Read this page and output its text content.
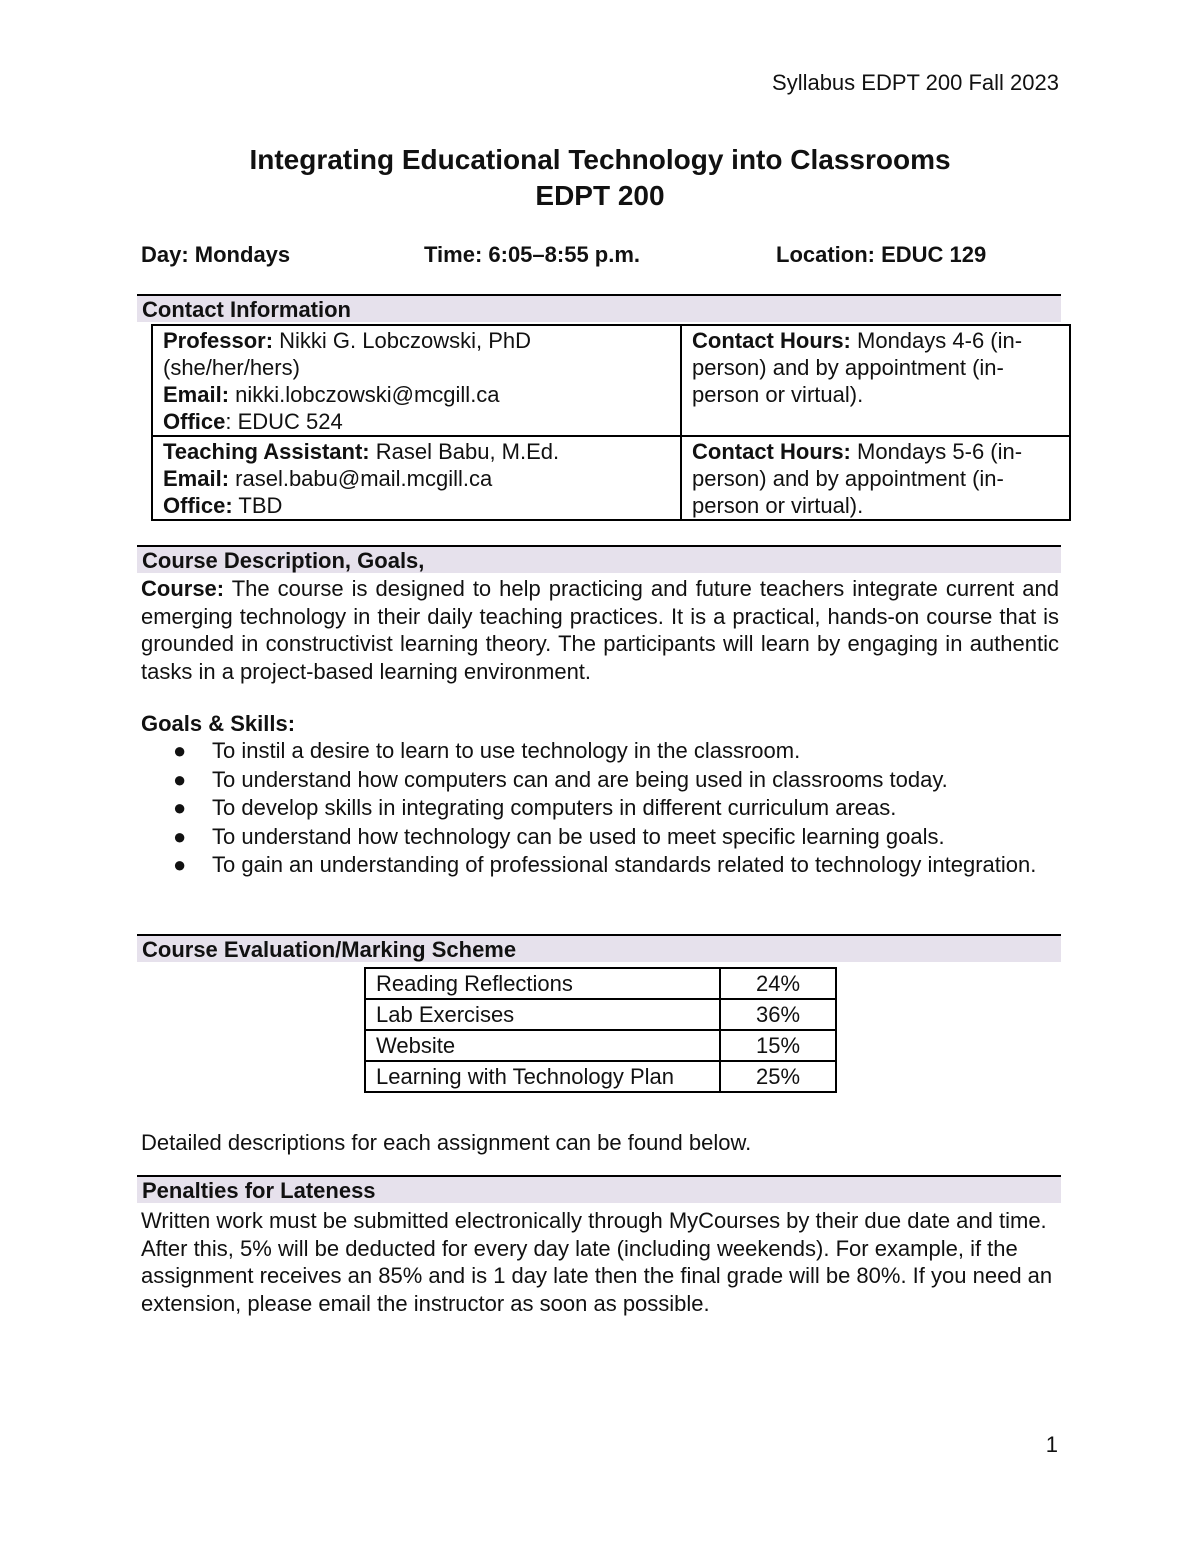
Syllabus EDPT 200 Fall 2023
Integrating Educational Technology into Classrooms
EDPT 200
Day: Mondays	Time: 6:05–8:55 p.m.	Location: EDUC 129
Contact Information
Professor: Nikki G. Lobczowski, PhD
(she/her/hers)
Email: nikki.lobczowski@mcgill.ca
Office: EDUC 524	Contact Hours: Mondays 4-6 (in-person) and by appointment (in-person or virtual).

Teaching Assistant: Rasel Babu, M.Ed.
Email: rasel.babu@mail.mcgill.ca
Office: TBD	Contact Hours: Mondays 5-6 (in-person) and by appointment (in-person or virtual).
Course Description, Goals,
Course: The course is designed to help practicing and future teachers integrate current and emerging technology in their daily teaching practices. It is a practical, hands-on course that is grounded in constructivist learning theory. The participants will learn by engaging in authentic tasks in a project-based learning environment.
Goals & Skills:
● To instil a desire to learn to use technology in the classroom.
● To understand how computers can and are being used in classrooms today.
● To develop skills in integrating computers in different curriculum areas.
● To understand how technology can be used to meet specific learning goals.
● To gain an understanding of professional standards related to technology integration.
Course Evaluation/Marking Scheme
Reading Reflections	24%
Lab Exercises	36%
Website	15%
Learning with Technology Plan	25%
Detailed descriptions for each assignment can be found below.
Penalties for Lateness
Written work must be submitted electronically through MyCourses by their due date and time. After this, 5% will be deducted for every day late (including weekends). For example, if the assignment receives an 85% and is 1 day late then the final grade will be 80%. If you need an extension, please email the instructor as soon as possible.
1
